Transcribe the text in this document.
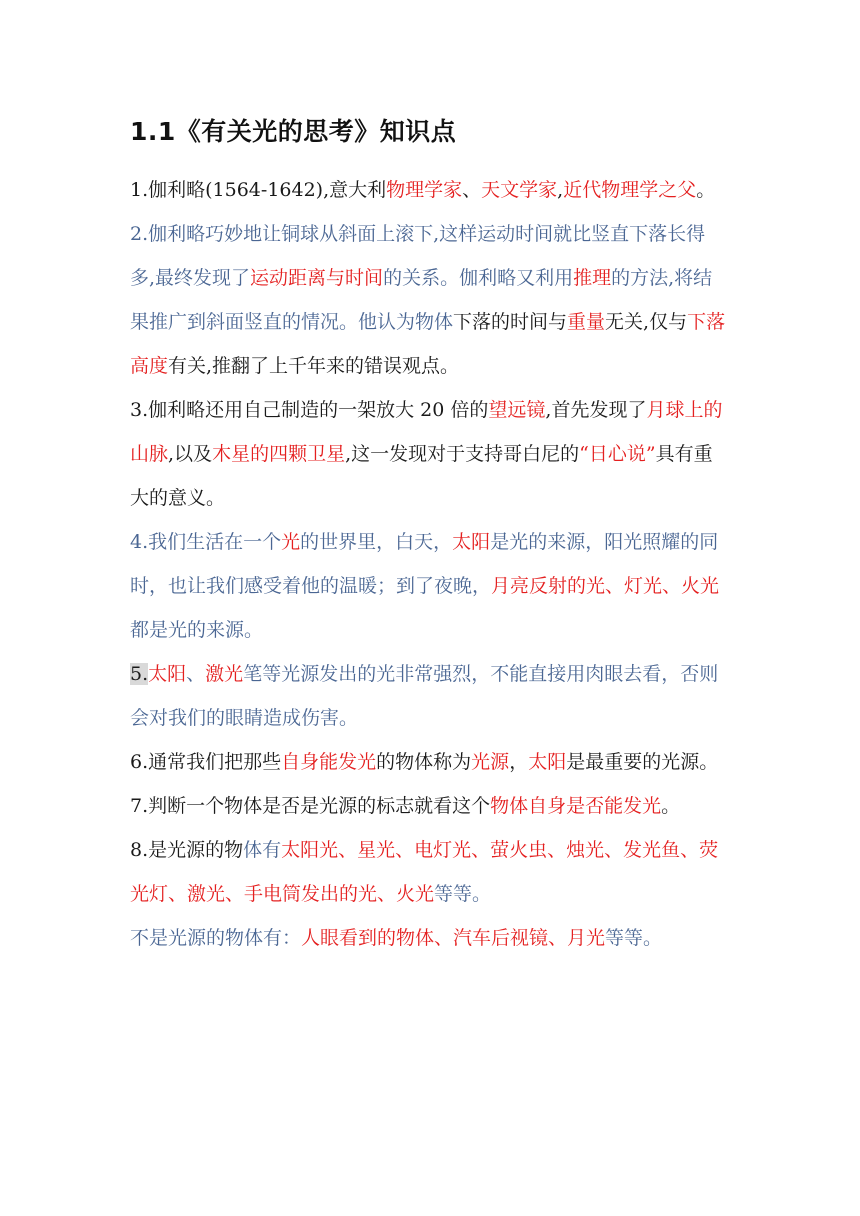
1.1《有关光的思考》知识点

1.伽利略(1564-1642),意大利物理学家、天文学家,近代物理学之父。

2.伽利略巧妙地让铜球从斜面上滚下,这样运动时间就比竖直下落长得多,最终发现了运动距离与时间的关系。伽利略又利用推理的方法,将结果推广到斜面竖直的情况。他认为物体下落的时间与重量无关,仅与下落高度有关,推翻了上千年来的错误观点。

3.伽利略还用自己制造的一架放大 20 倍的望远镜,首先发现了月球上的山脉,以及木星的四颗卫星,这一发现对于支持哥白尼的“日心说”具有重大的意义。

4.我们生活在一个光的世界里，白天，太阳是光的来源，阳光照耀的同时，也让我们感受着他的温暖；到了夜晚，月亮反射的光、灯光、火光都是光的来源。

5.太阳、激光笔等光源发出的光非常强烈，不能直接用肉眼去看，否则会对我们的眼睛造成伤害。

6.通常我们把那些自身能发光的物体称为光源，太阳是最重要的光源。

7.判断一个物体是否是光源的标志就看这个物体自身是否能发光。

8.是光源的物体有太阳光、星光、电灯光、萤火虫、烛光、发光鱼、荧光灯、激光、手电筒发出的光、火光等等。

不是光源的物体有：人眼看到的物体、汽车后视镜、月光等等。
